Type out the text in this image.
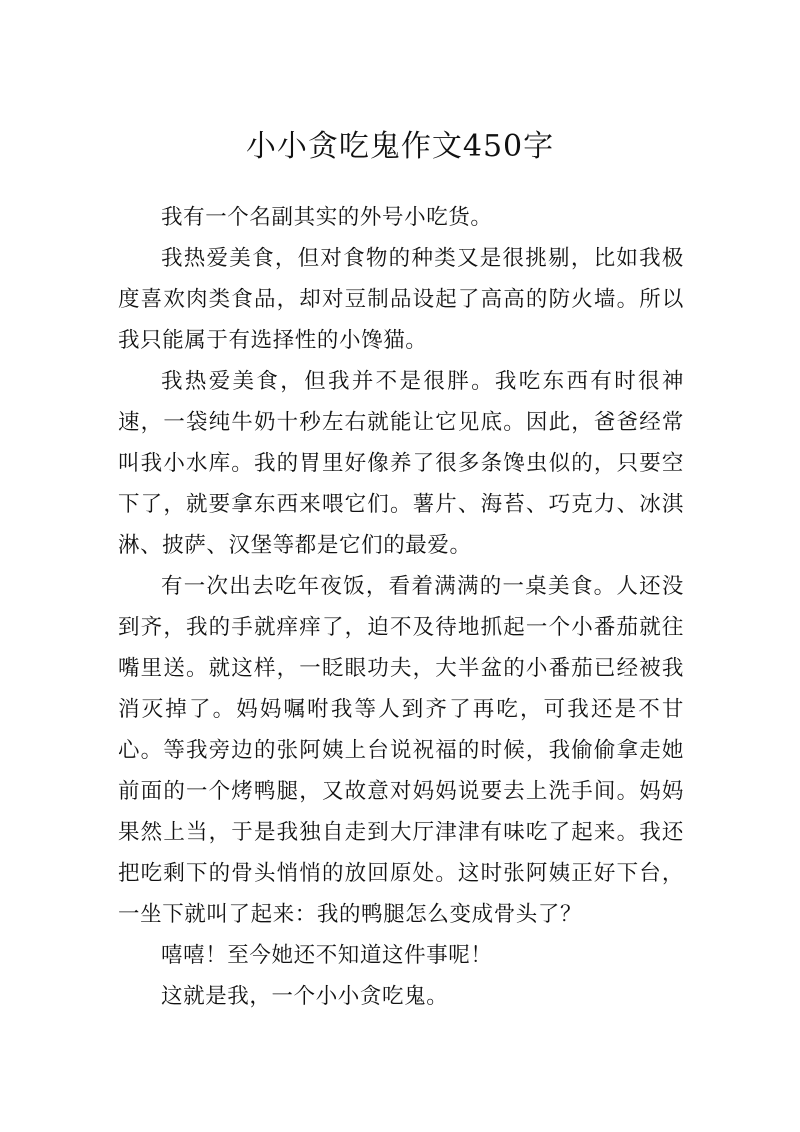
小小贪吃鬼作文450字

我有一个名副其实的外号小吃货。

我热爱美食，但对食物的种类又是很挑剔，比如我极度喜欢肉类食品，却对豆制品设起了高高的防火墙。所以我只能属于有选择性的小馋猫。

我热爱美食，但我并不是很胖。我吃东西有时很神速，一袋纯牛奶十秒左右就能让它见底。因此，爸爸经常叫我小水库。我的胃里好像养了很多条馋虫似的，只要空下了，就要拿东西来喂它们。薯片、海苔、巧克力、冰淇淋、披萨、汉堡等都是它们的最爱。

有一次出去吃年夜饭，看着满满的一桌美食。人还没到齐，我的手就痒痒了，迫不及待地抓起一个小番茄就往嘴里送。就这样，一眨眼功夫，大半盆的小番茄已经被我消灭掉了。妈妈嘱咐我等人到齐了再吃，可我还是不甘心。等我旁边的张阿姨上台说祝福的时候，我偷偷拿走她前面的一个烤鸭腿，又故意对妈妈说要去上洗手间。妈妈果然上当，于是我独自走到大厅津津有味吃了起来。我还把吃剩下的骨头悄悄的放回原处。这时张阿姨正好下台，一坐下就叫了起来：我的鸭腿怎么变成骨头了？

嘻嘻！至今她还不知道这件事呢！

这就是我，一个小小贪吃鬼。
